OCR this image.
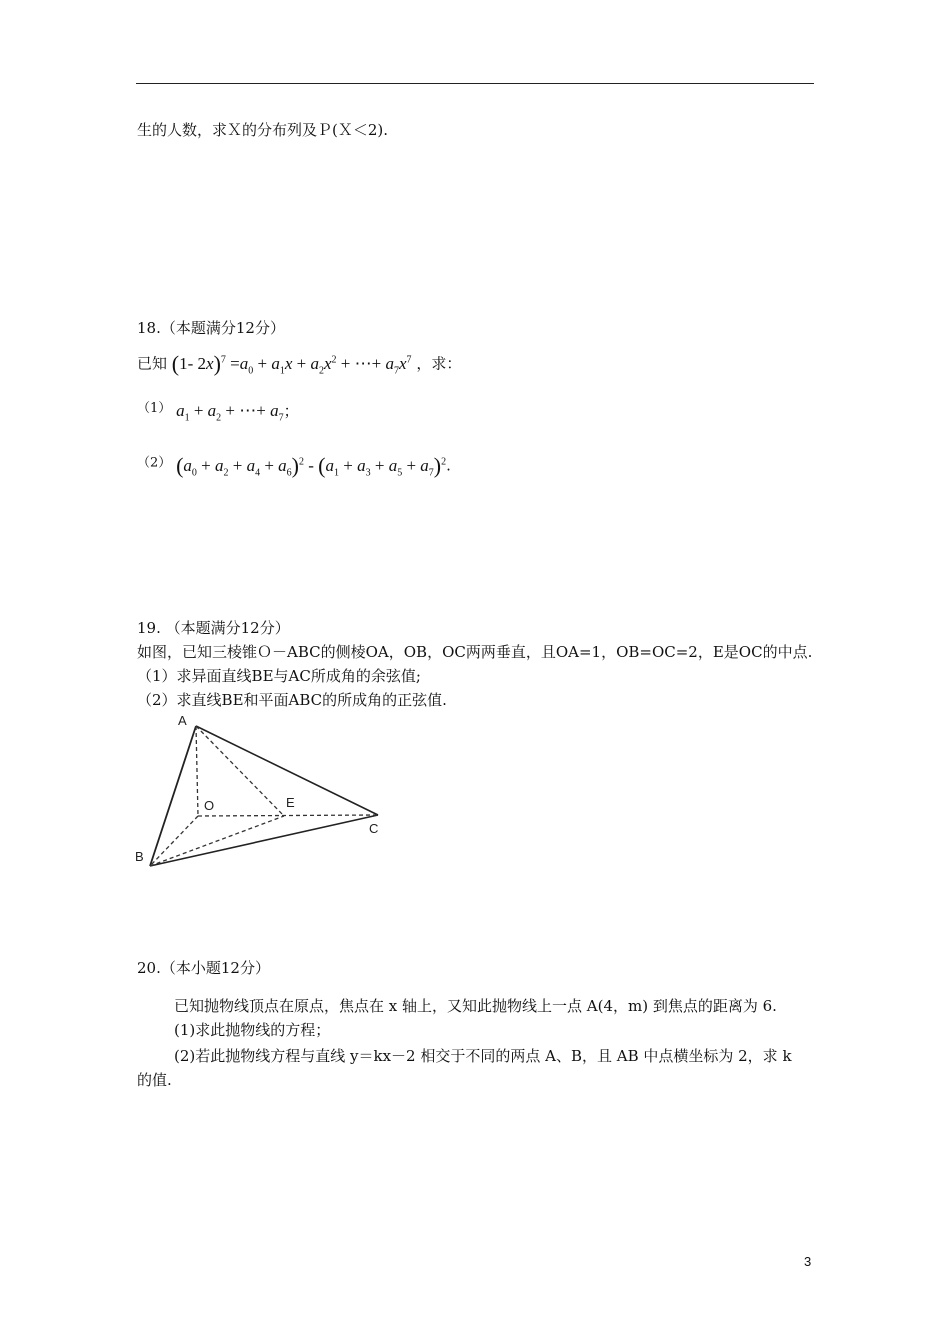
生的人数，求Ｘ的分布列及Ｐ(Ｘ＜2).
18.（本题满分12分）
已知 (1- $2x)^7 =a_0 + a_1x + a_2x^2$ + ⋯+ $a_7x^7$ ，求：
（1） $a_1 + a_2$ + ⋯+ $a_7$；
（2） $(a_0 + a_2 + a_4 + a_6)^2 - (a_1 + a_3 + a_5 + a_7)^2$.
19. （本题满分12分）
如图，已知三棱锥Ｏ－ABC的侧棱OA，OB，OC两两垂直，且OA=1，OB=OC=2，E是OC的中点.
（1）求异面直线BE与AC所成角的余弦值;
（2）求直线BE和平面ABC的所成角的正弦值.
A
B
C
O	E
20.（本小题12分）
已知抛物线顶点在原点，焦点在 x 轴上，又知此抛物线上一点 A(4，m) 到焦点的距离为 6.
(1)求此抛物线的方程；
(2)若此抛物线方程与直线 y＝kx－2 相交于不同的两点 A、B，且 AB 中点横坐标为 2，求 k
的值.
3
